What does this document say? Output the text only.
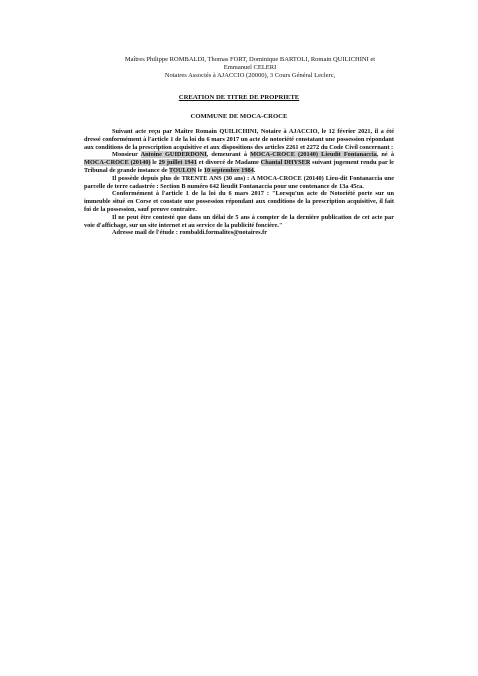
Maîtres Philippe ROMBALDI, Thomas FORT, Dominique BARTOLI, Romain QUILICHINI et
Emmanuel CELERI
Notaires Associés à AJACCIO (20000), 3 Cours Général Leclerc,
CREATION DE TITRE DE PROPRIETE
COMMUNE DE MOCA-CROCE

Suivant acte reçu par Maître Romain QUILICHINI, Notaire à AJACCIO, le 12 février 2021, il a été dressé conformément à l'article 1 de la loi du 6 mars 2017 un acte de notoriété constatant une possession répondant aux conditions de la prescription acquisitive et aux dispositions des articles 2261 et 2272 du Code Civil concernant :

Monsieur Antoine GUIDERDONI, demeurant à MOCA-CROCE (20140) Lieudit Fontanaccia, né à MOCA-CROCE (20140) le 29 juillet 1941 et divorcé de Madame Chantal DHYSER suivant jugement rendu par le Tribunal de grande instance de TOULON le 10 septembre 1984.

Il possède depuis plus de TRENTE ANS (30 ans) : A MOCA-CROCE (20140) Lieu-dit Fontanaccia une parcelle de terre cadastrée : Section B numéro 642 lieudit Fontanaccia pour une contenance de 13a 45ca.

Conformément à l'article 1 de la loi du 6 mars 2017 : "Lorsqu'un acte de Notoriété porte sur un immeuble situé en Corse et constate une possession répondant aux conditions de la prescription acquisitive, il fait foi de la possession, sauf preuve contraire.

Il ne peut être contesté que dans un délai de 5 ans à compter de la dernière publication de cet acte par voie d'affichage, sur un site internet et au service de la publicité foncière."

Adresse mail de l'étude : rombaldi.formalites@notaires.fr
